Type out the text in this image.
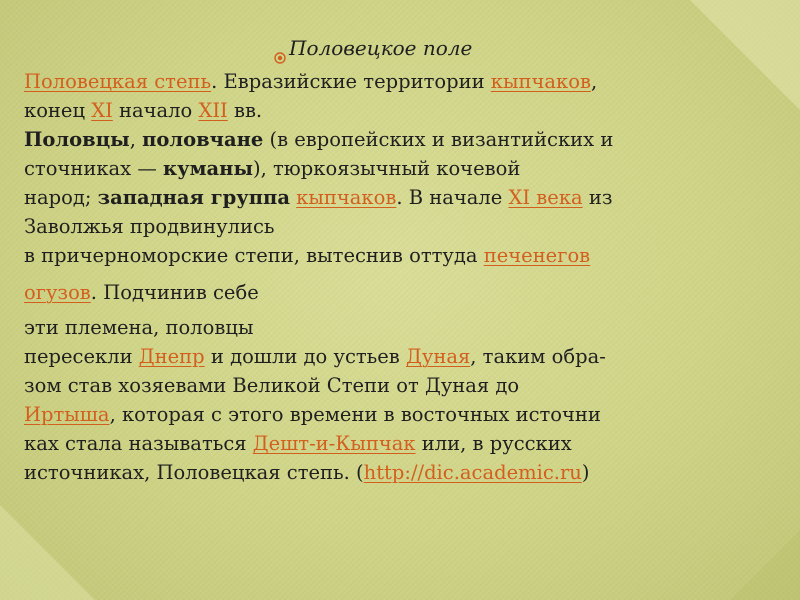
Половецкое поле
Половецкая степь. Евразийские территории кыпчаков,
конец XI начало XII вв.
Половцы, половчане (в европейских и византийских и
сточниках — куманы), тюркоязычный кочевой
народ; западная группа кыпчаков. В начале XI века из
Заволжья продвинулись
в причерноморские степи, вытеснив оттуда печенегов
огузов. Подчинив себе
эти племена, половцы
пересекли Днепр и дошли до устьев Дуная, таким обра-
зом став хозяевами Великой Степи от Дуная до
Иртыша, которая с этого времени в восточных источни
ках стала называться Дешт-и-Кыпчак или, в русских
источниках, Половецкая степь. (http://dic.academic.ru)
